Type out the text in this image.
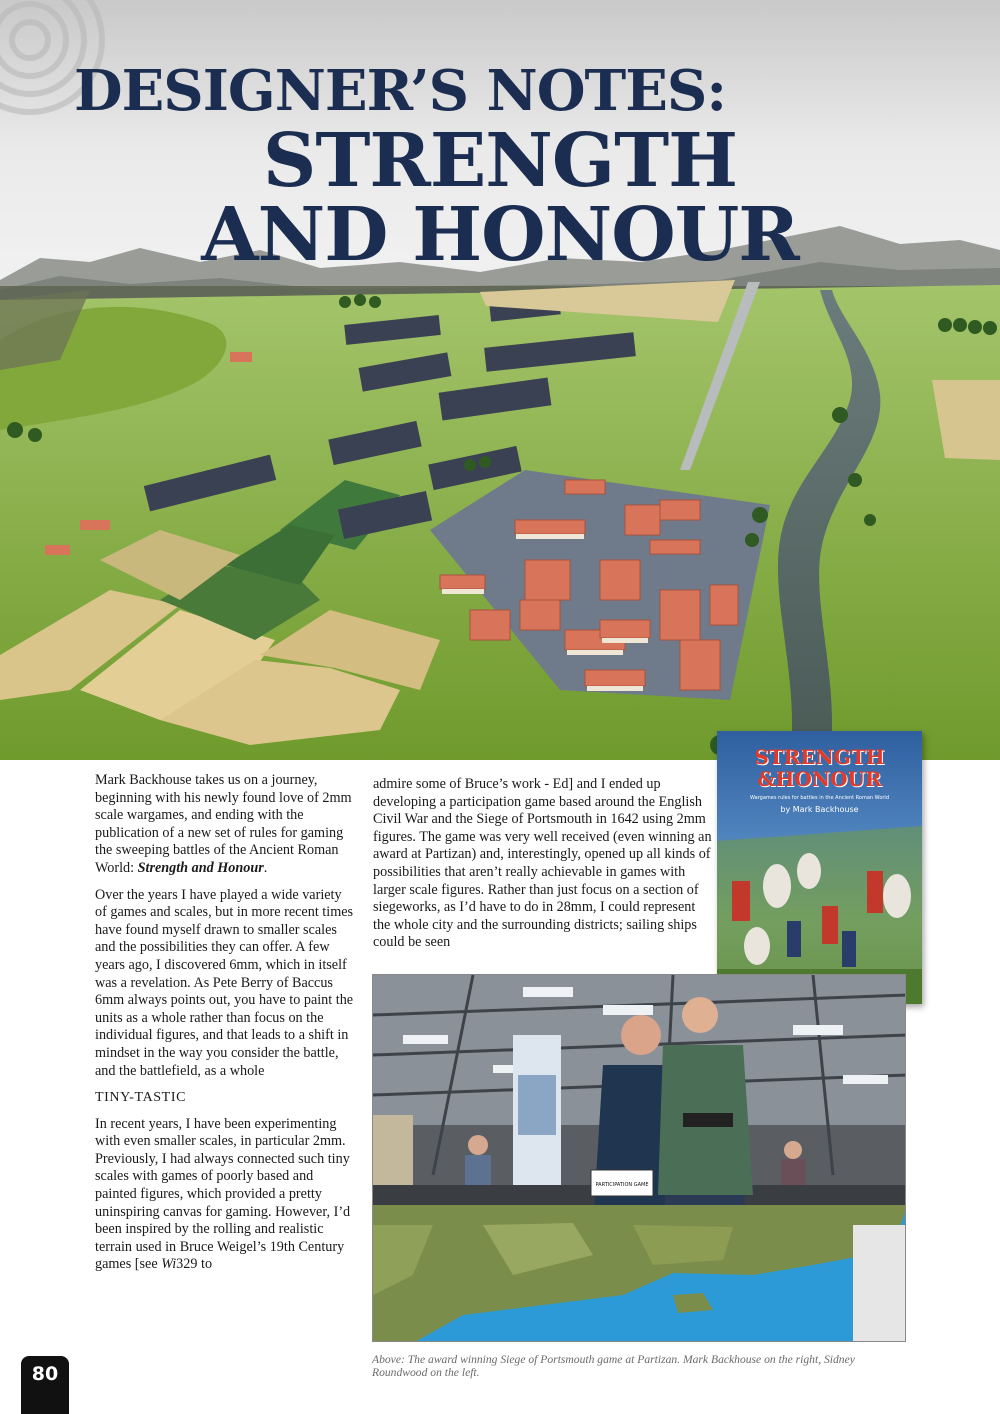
DESIGNER’S NOTES:
STRENGTH
AND HONOUR

Mark Backhouse takes us on a journey, beginning with his newly found love of 2mm scale wargames, and ending with the publication of a new set of rules for gaming the sweeping battles of the Ancient Roman World: Strength and Honour.

Over the years I have played a wide variety of games and scales, but in more recent times have found myself drawn to smaller scales and the possibilities they can offer. A few years ago, I discovered 6mm, which in itself was a revelation. As Pete Berry of Baccus 6mm always points out, you have to paint the units as a whole rather than focus on the individual figures, and that leads to a shift in mindset in the way you consider the battle, and the battlefield, as a whole

TINY-TASTIC

In recent years, I have been experimenting with even smaller scales, in particular 2mm. Previously, I had always connected such tiny scales with games of poorly based and painted figures, which provided a pretty uninspiring canvas for gaming. However, I’d been inspired by the rolling and realistic terrain used in Bruce Weigel’s 19th Century games [see Wi329 to

admire some of Bruce’s work - Ed] and I ended up developing a participation game based around the English Civil War and the Siege of Portsmouth in 1642 using 2mm figures. The game was very well received (even winning an award at Partizan) and, interestingly, opened up all kinds of possibilities that aren’t really achievable in games with larger scale figures. Rather than just focus on a section of siegeworks, as I’d have to do in 28mm, I could represent the whole city and the surrounding districts; sailing ships could be seen

STRENGTH
&HONOUR
Wargames rules for battles in the Ancient Roman World
by Mark Backhouse
PARTICIPATION GAME
Above: The award winning Siege of Portsmouth game at Partizan. Mark Backhouse on the right, Sidney Roundwood on the left.
80
